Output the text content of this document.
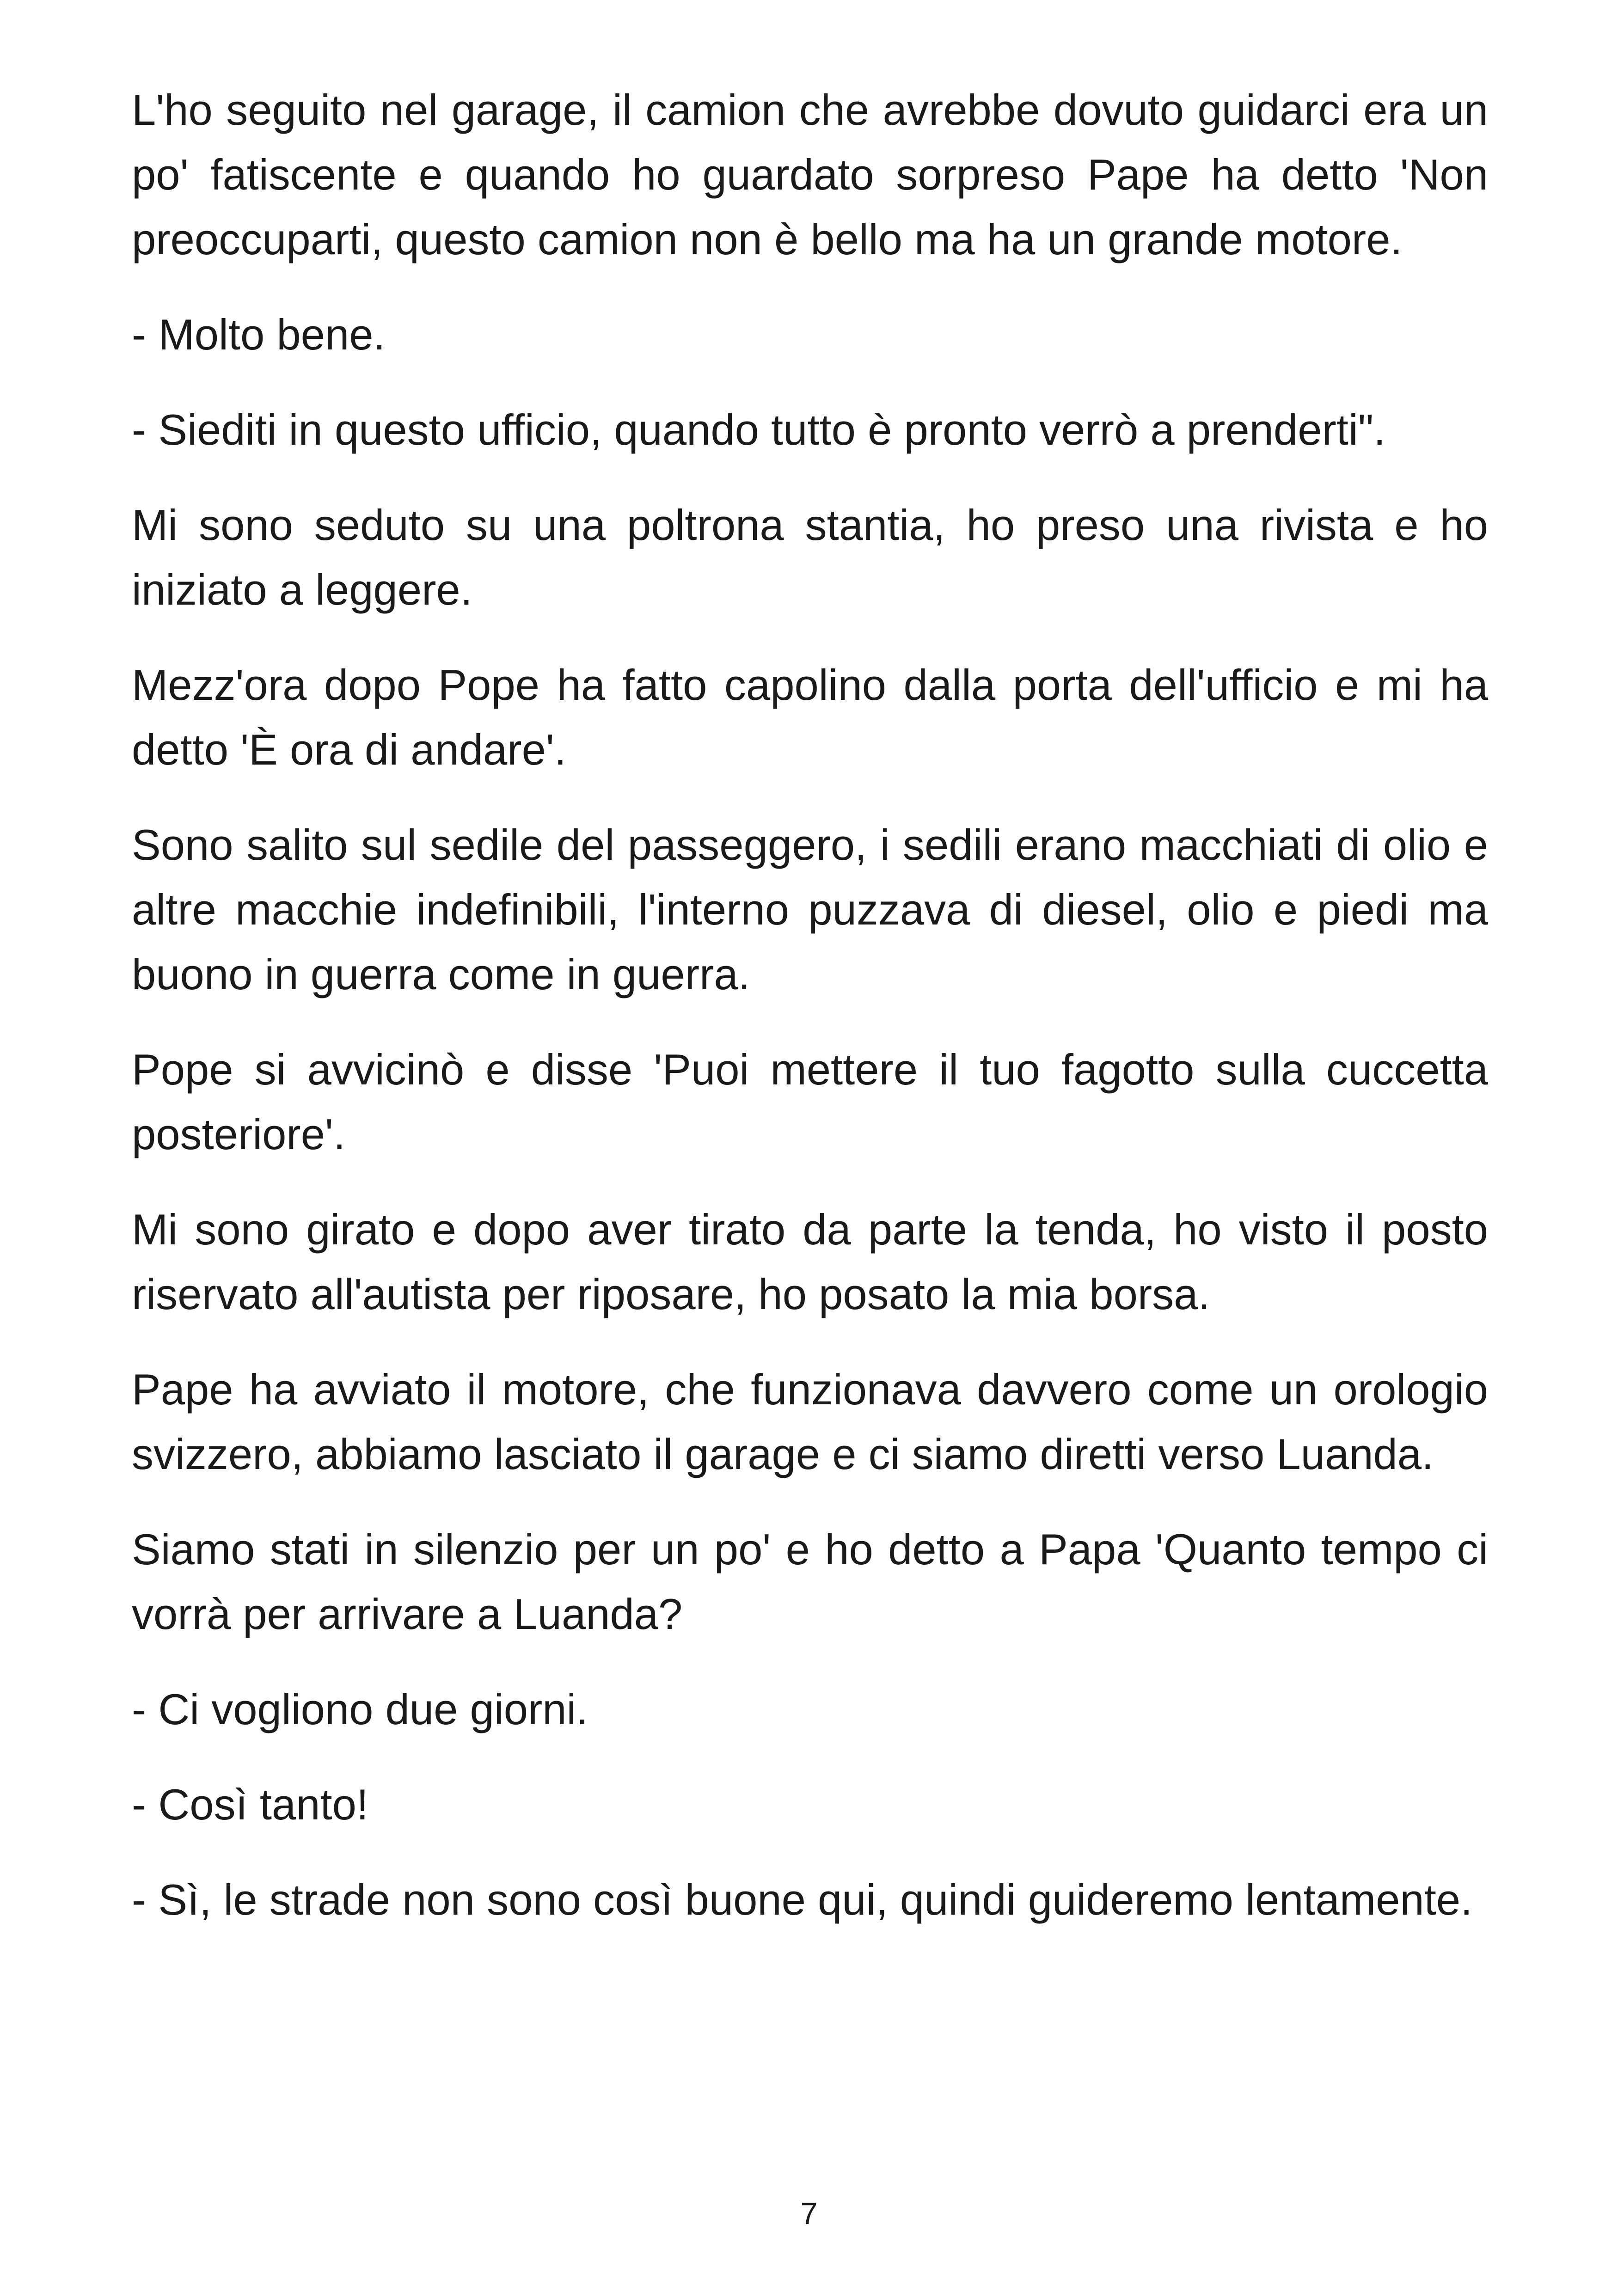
L'ho seguito nel garage, il camion che avrebbe dovuto guidarci era un po' fatiscente e quando ho guardato sorpreso Pape ha detto 'Non preoccuparti, questo camion non è bello ma ha un grande motore.

- Molto bene.

- Siediti in questo ufficio, quando tutto è pronto verrò a prenderti".

Mi sono seduto su una poltrona stantia, ho preso una rivista e ho iniziato a leggere.

Mezz'ora dopo Pope ha fatto capolino dalla porta dell'ufficio e mi ha detto 'È ora di andare'.

Sono salito sul sedile del passeggero, i sedili erano macchiati di olio e altre macchie indefinibili, l'interno puzzava di diesel, olio e piedi ma buono in guerra come in guerra.

Pope si avvicinò e disse 'Puoi mettere il tuo fagotto sulla cuccetta posteriore'.

Mi sono girato e dopo aver tirato da parte la tenda, ho visto il posto riservato all'autista per riposare, ho posato la mia borsa.

Pape ha avviato il motore, che funzionava davvero come un orologio svizzero, abbiamo lasciato il garage e ci siamo diretti verso Luanda.

Siamo stati in silenzio per un po' e ho detto a Papa 'Quanto tempo ci vorrà per arrivare a Luanda?

- Ci vogliono due giorni.

- Così tanto!

- Sì, le strade non sono così buone qui, quindi guideremo lentamente.

7
